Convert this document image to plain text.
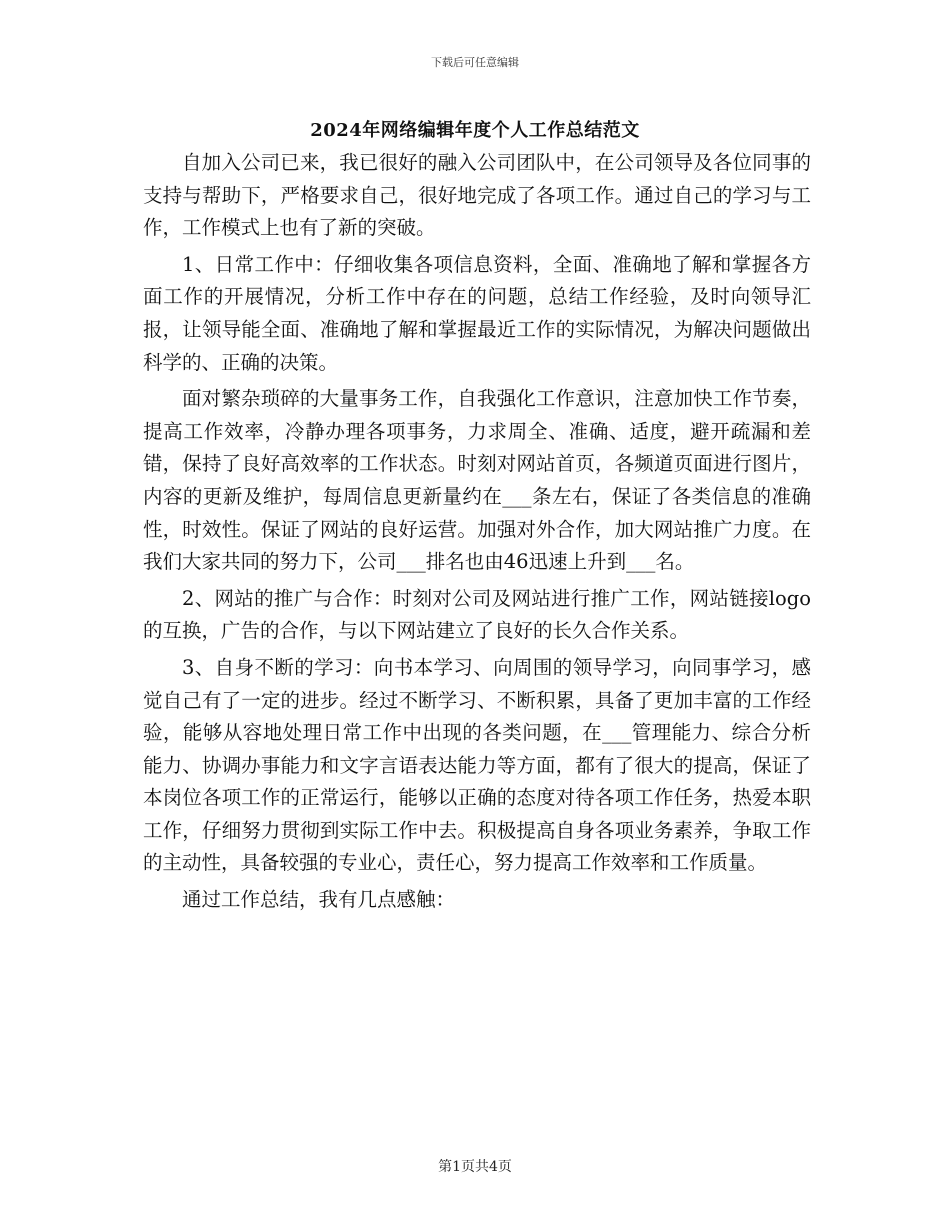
下载后可任意编辑
2024年网络编辑年度个人工作总结范文

自加入公司已来，我已很好的融入公司团队中，在公司领导及各位同事的支持与帮助下，严格要求自己，很好地完成了各项工作。通过自己的学习与工作，工作模式上也有了新的突破。

1、日常工作中：仔细收集各项信息资料，全面、准确地了解和掌握各方面工作的开展情况，分析工作中存在的问题，总结工作经验，及时向领导汇报，让领导能全面、准确地了解和掌握最近工作的实际情况，为解决问题做出科学的、正确的决策。

面对繁杂琐碎的大量事务工作，自我强化工作意识，注意加快工作节奏，提高工作效率，冷静办理各项事务，力求周全、准确、适度，避开疏漏和差错，保持了良好高效率的工作状态。时刻对网站首页，各频道页面进行图片，内容的更新及维护，每周信息更新量约在___条左右，保证了各类信息的准确性，时效性。保证了网站的良好运营。加强对外合作，加大网站推广力度。在我们大家共同的努力下，公司___排名也由46迅速上升到___名。

2、网站的推广与合作：时刻对公司及网站进行推广工作，网站链接logo的互换，广告的合作，与以下网站建立了良好的长久合作关系。

3、自身不断的学习：向书本学习、向周围的领导学习，向同事学习，感觉自己有了一定的进步。经过不断学习、不断积累，具备了更加丰富的工作经验，能够从容地处理日常工作中出现的各类问题，在___管理能力、综合分析能力、协调办事能力和文字言语表达能力等方面，都有了很大的提高，保证了本岗位各项工作的正常运行，能够以正确的态度对待各项工作任务，热爱本职工作，仔细努力贯彻到实际工作中去。积极提高自身各项业务素养，争取工作的主动性，具备较强的专业心，责任心，努力提高工作效率和工作质量。

通过工作总结，我有几点感触：

第1页共4页
